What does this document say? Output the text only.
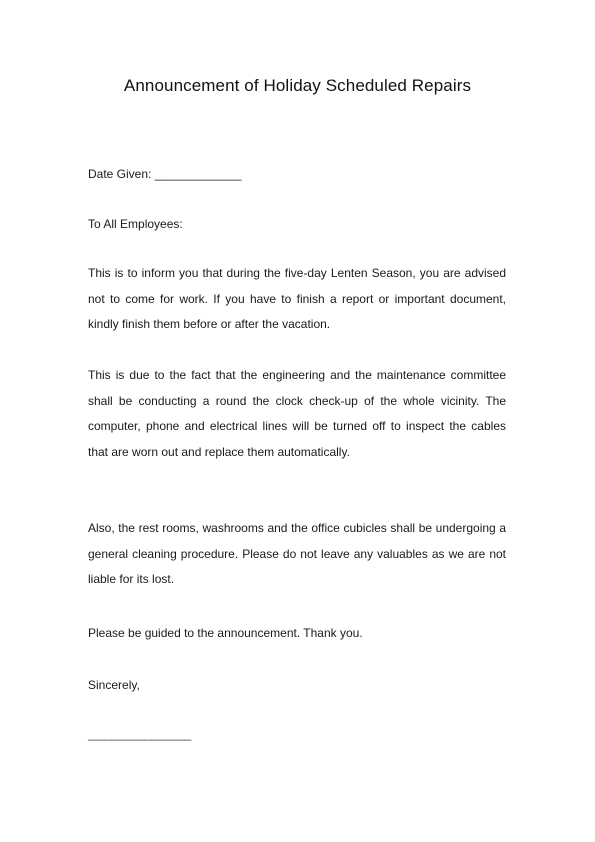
Announcement of Holiday Scheduled Repairs
Date Given: _____________
To All Employees:

This is to inform you that during the five-day Lenten Season, you are advised not to come for work. If you have to finish a report or important document, kindly finish them before or after the vacation.

This is due to the fact that the engineering and the maintenance committee shall be conducting a round the clock check-up of the whole vicinity. The computer, phone and electrical lines will be turned off to inspect the cables that are worn out and replace them automatically.

Also, the rest rooms, washrooms and the office cubicles shall be undergoing a general cleaning procedure. Please do not leave any valuables as we are not liable for its lost.

Please be guided to the announcement. Thank you.
Sincerely,
__________________
